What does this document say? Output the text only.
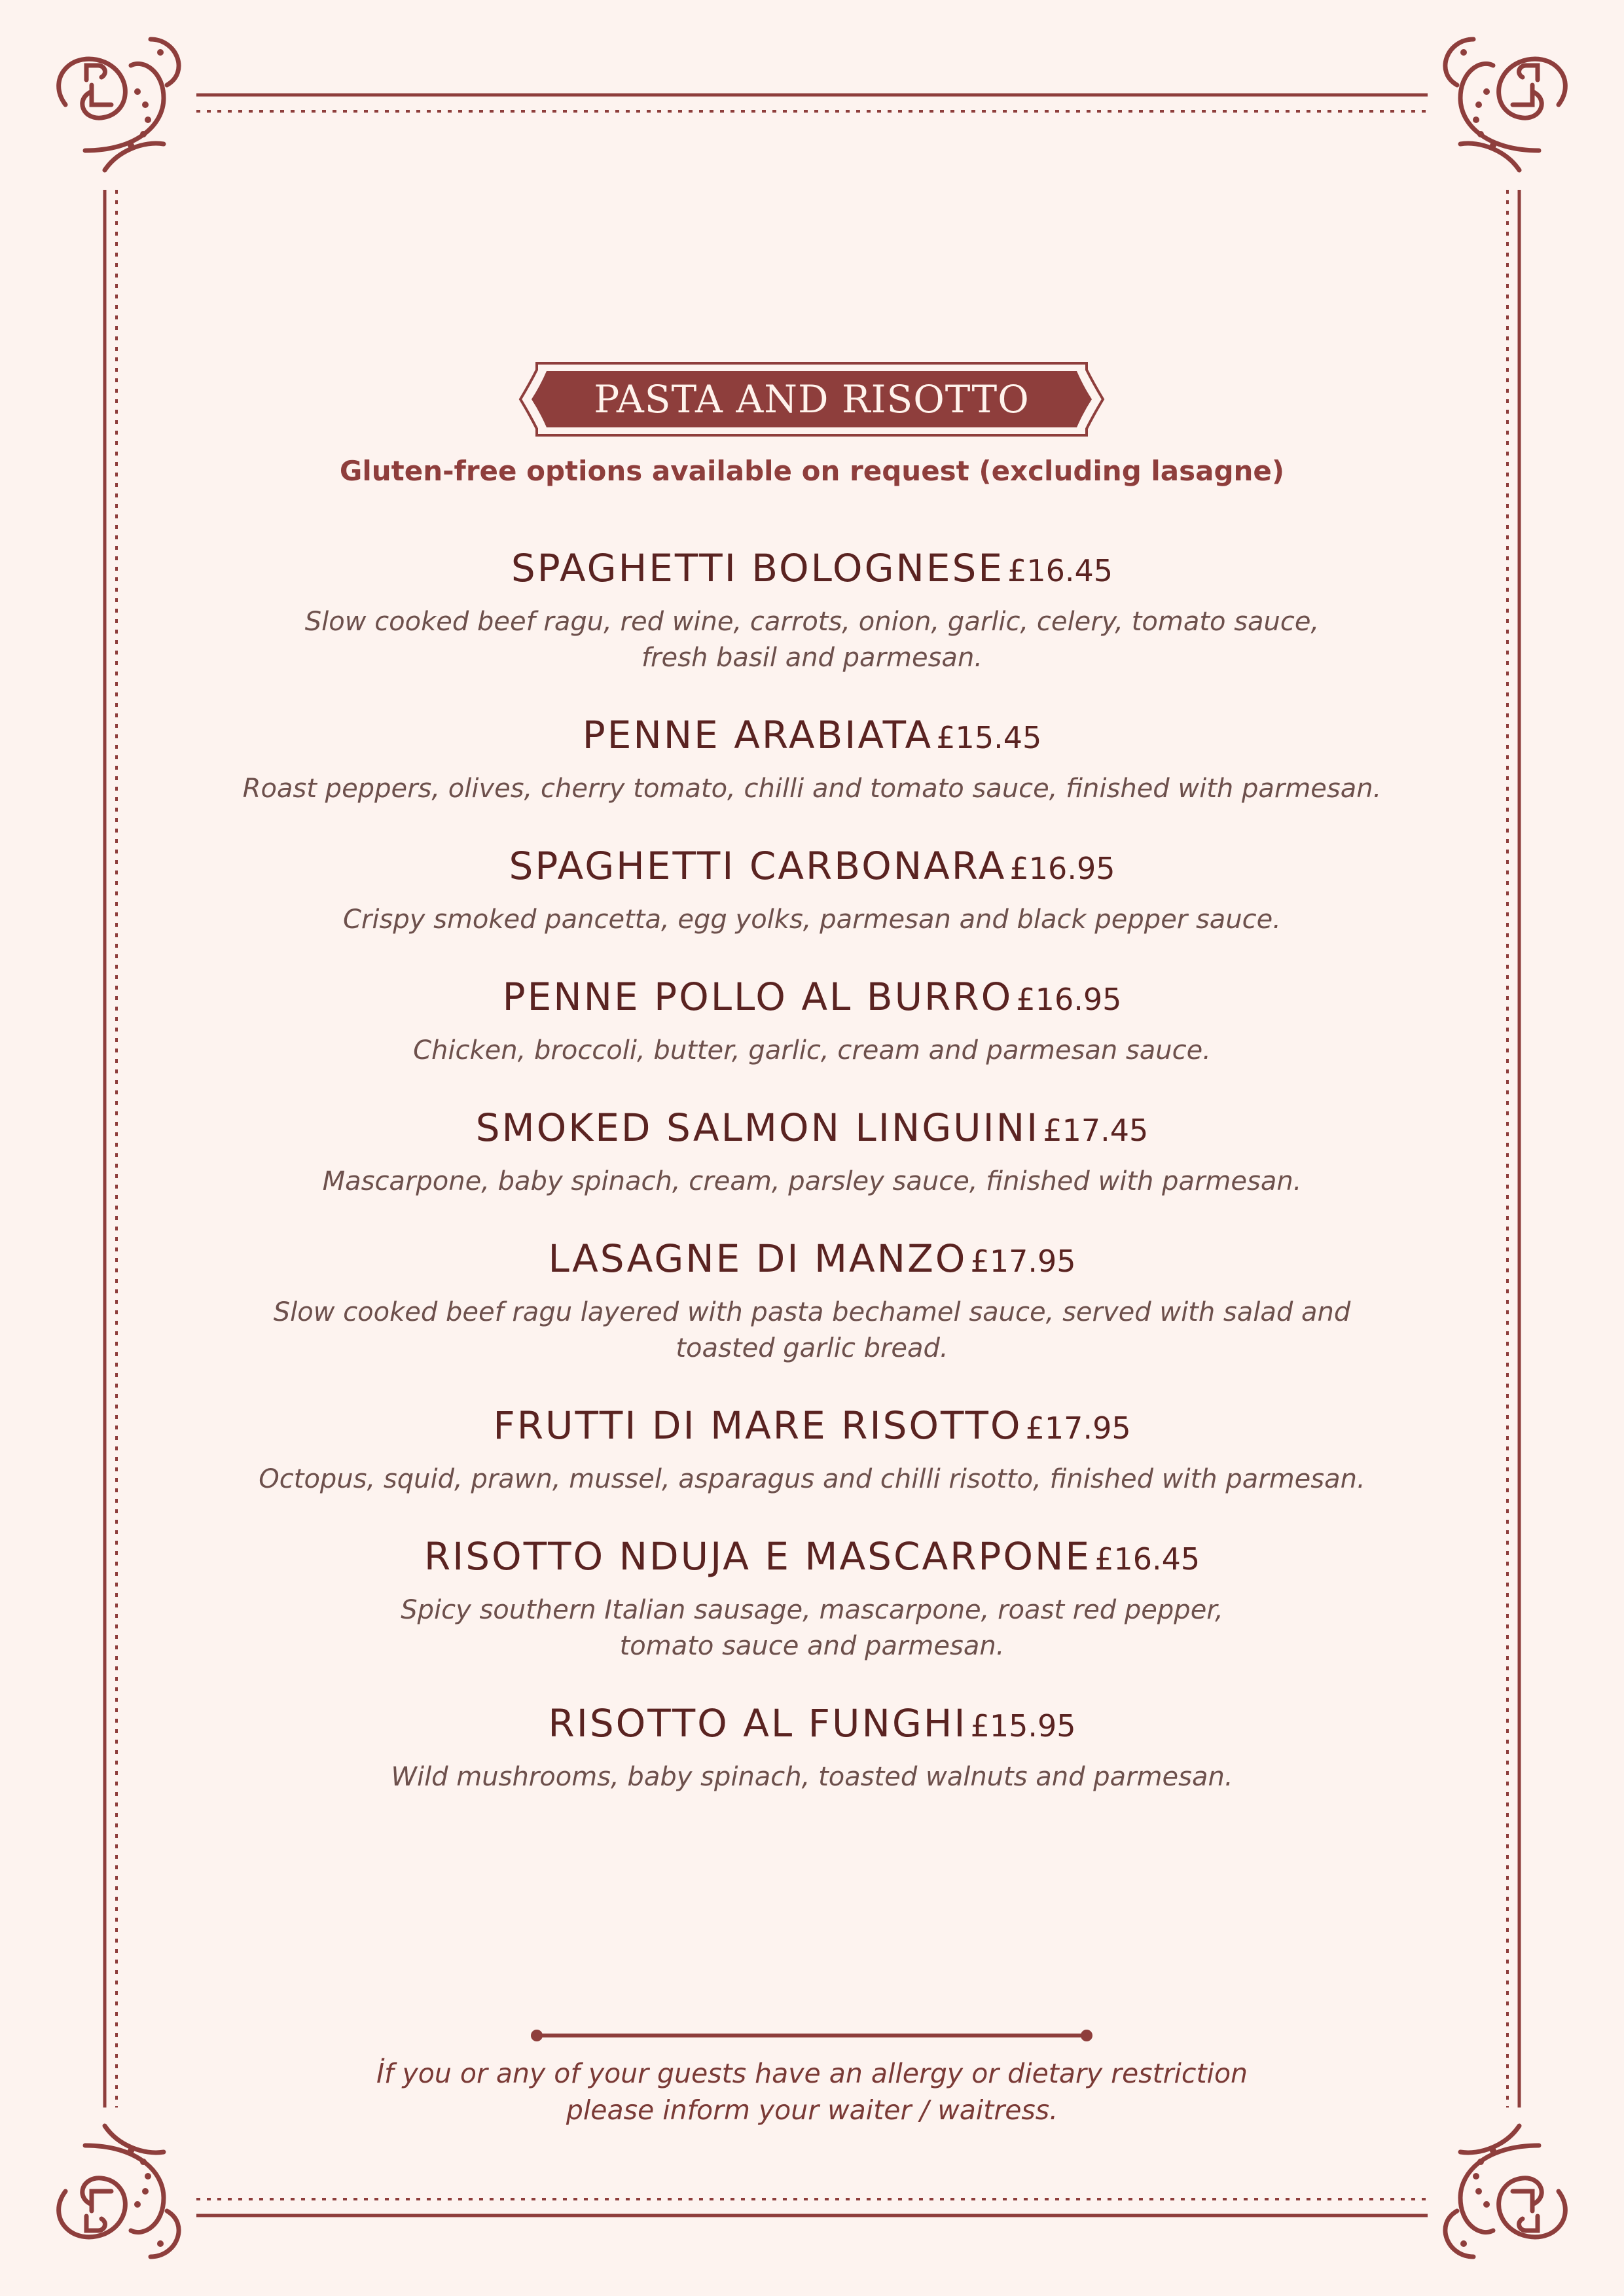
PASTA AND RISOTTO
Gluten-free options available on request (excluding lasagne)
SPAGHETTI BOLOGNESE £16.45
Slow cooked beef ragu, red wine, carrots, onion, garlic, celery, tomato sauce,
fresh basil and parmesan.
PENNE ARABIATA £15.45
Roast peppers, olives, cherry tomato, chilli and tomato sauce, finished with parmesan.
SPAGHETTI CARBONARA £16.95
Crispy smoked pancetta, egg yolks, parmesan and black pepper sauce.
PENNE POLLO AL BURRO £16.95
Chicken, broccoli, butter, garlic, cream and parmesan sauce.
SMOKED SALMON LINGUINI £17.45
Mascarpone, baby spinach, cream, parsley sauce, finished with parmesan.
LASAGNE DI MANZO £17.95
Slow cooked beef ragu layered with pasta bechamel sauce, served with salad and
toasted garlic bread.
FRUTTI DI MARE RISOTTO £17.95
Octopus, squid, prawn, mussel, asparagus and chilli risotto, finished with parmesan.
RISOTTO NDUJA E MASCARPONE £16.45
Spicy southern Italian sausage, mascarpone, roast red pepper,
tomato sauce and parmesan.
RISOTTO AL FUNGHI £15.95
Wild mushrooms, baby spinach, toasted walnuts and parmesan.
İf you or any of your guests have an allergy or dietary restriction
please inform your waiter / waitress.
